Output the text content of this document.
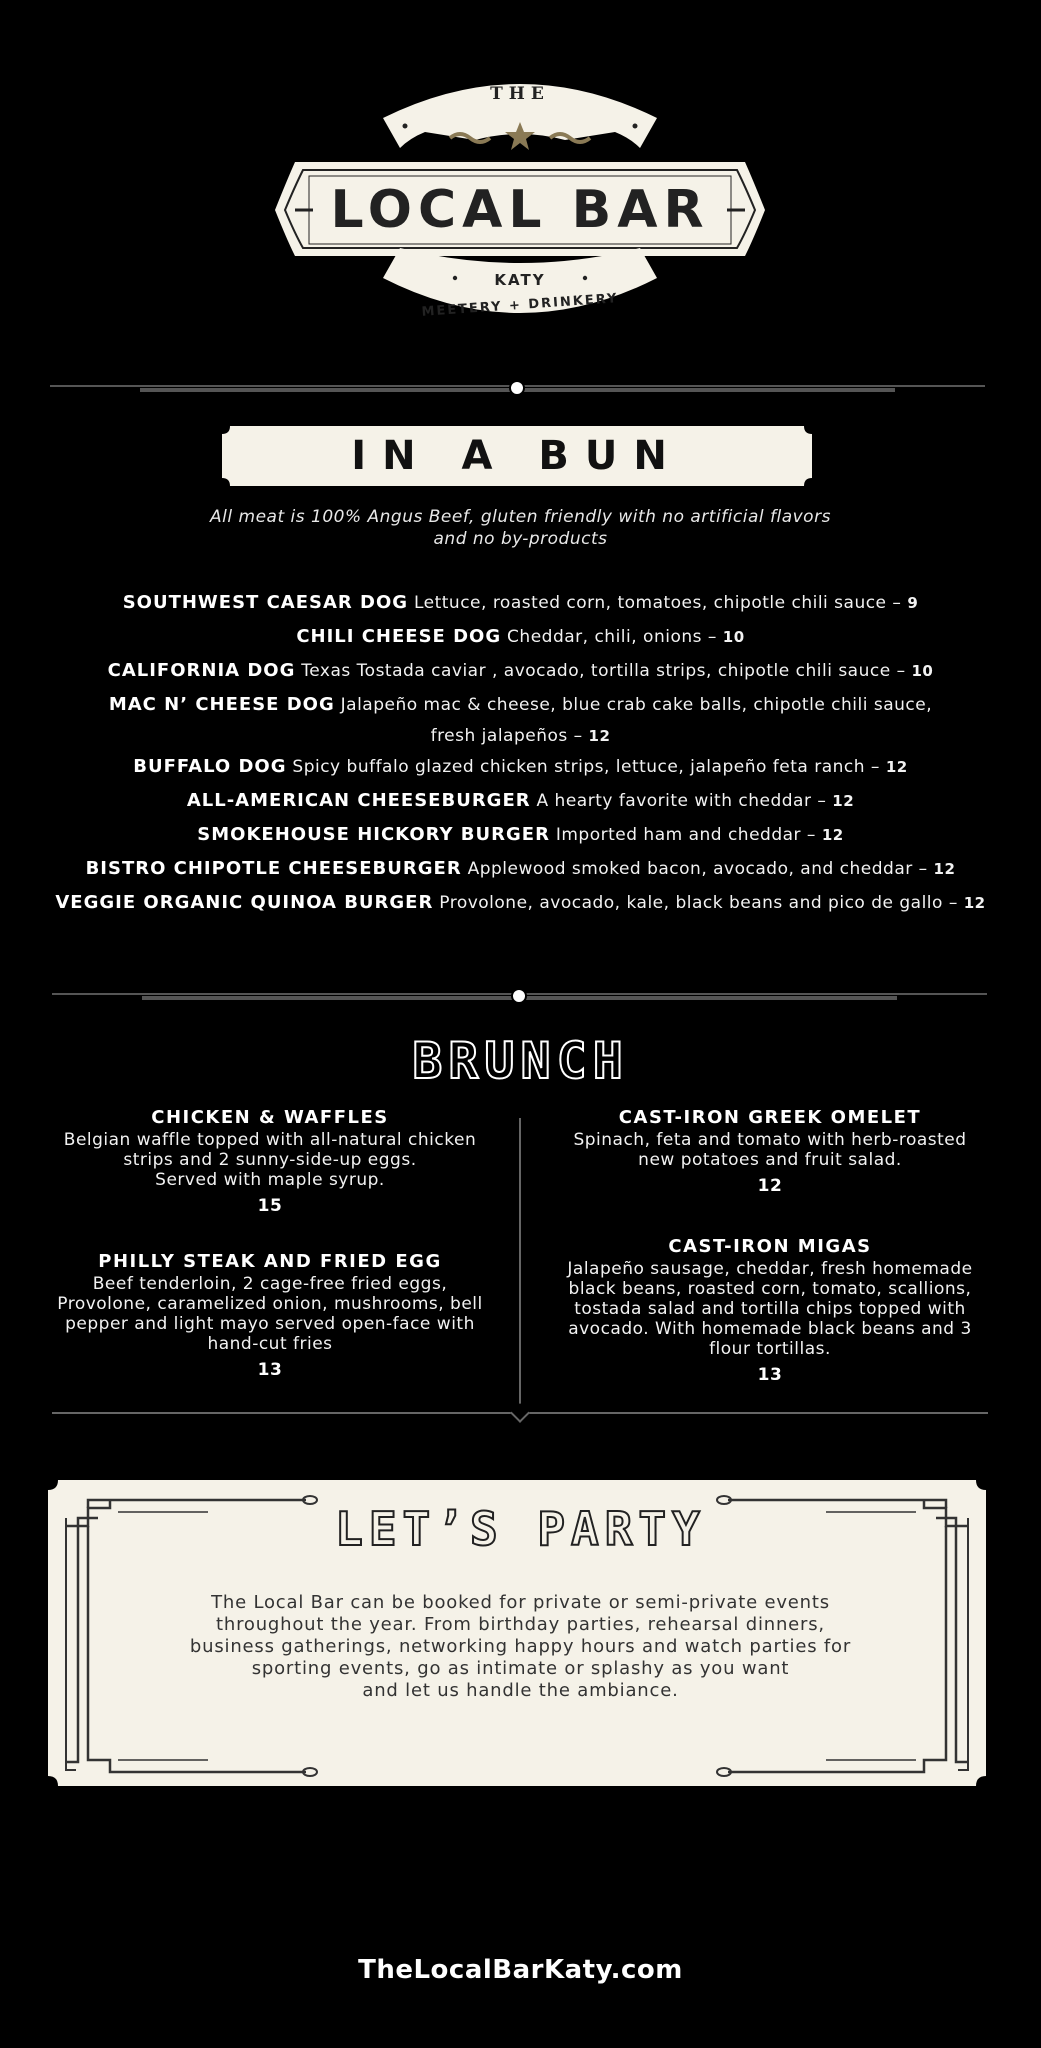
THE
LOCAL BAR
KATY
MEETERY + DRINKERY
IN A BUN
All meat is 100% Angus Beef, gluten friendly with no artificial flavors
and no by-products
SOUTHWEST CAESAR DOG Lettuce, roasted corn, tomatoes, chipotle chili sauce – 9
CHILI CHEESE DOG Cheddar, chili, onions – 10
CALIFORNIA DOG Texas Tostada caviar , avocado, tortilla strips, chipotle chili sauce – 10
MAC N’ CHEESE DOG Jalapeño mac & cheese, blue crab cake balls, chipotle chili sauce,
fresh jalapeños – 12
BUFFALO DOG Spicy buffalo glazed chicken strips, lettuce, jalapeño feta ranch – 12
ALL-AMERICAN CHEESEBURGER A hearty favorite with cheddar – 12
SMOKEHOUSE HICKORY BURGER Imported ham and cheddar – 12
BISTRO CHIPOTLE CHEESEBURGER Applewood smoked bacon, avocado, and cheddar – 12
VEGGIE ORGANIC QUINOA BURGER Provolone, avocado, kale, black beans and pico de gallo – 12
BRUNCH
CHICKEN & WAFFLES
Belgian waffle topped with all-natural chicken
strips and 2 sunny-side-up eggs.
Served with maple syrup.
15
CAST-IRON GREEK OMELET
Spinach, feta and tomato with herb-roasted
new potatoes and fruit salad.
12
PHILLY STEAK AND FRIED EGG
Beef tenderloin, 2 cage-free fried eggs,
Provolone, caramelized onion, mushrooms, bell
pepper and light mayo served open-face with
hand-cut fries
13
CAST-IRON MIGAS
Jalapeño sausage, cheddar, fresh homemade
black beans, roasted corn, tomato, scallions,
tostada salad and tortilla chips topped with
avocado. With homemade black beans and 3
flour tortillas.
13
LET’S PARTY
The Local Bar can be booked for private or semi-private events
throughout the year. From birthday parties, rehearsal dinners,
business gatherings, networking happy hours and watch parties for
sporting events, go as intimate or splashy as you want
and let us handle the ambiance.
TheLocalBarKaty.com
